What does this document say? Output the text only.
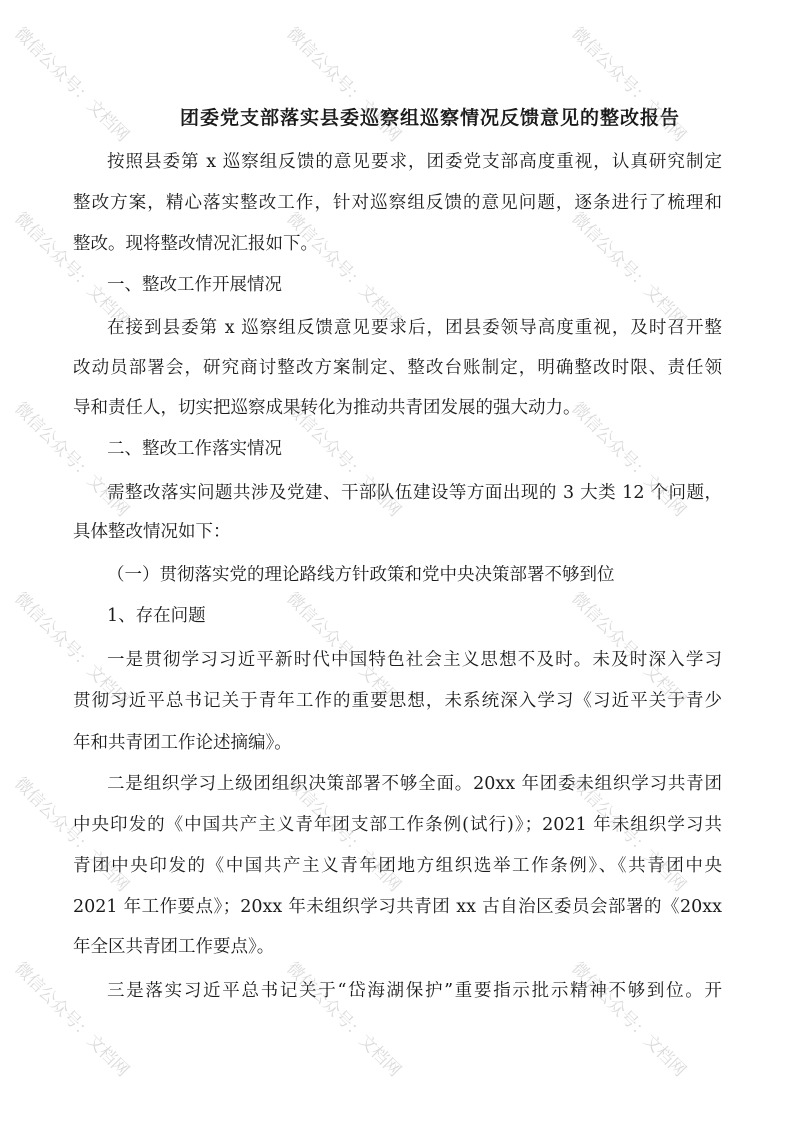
团委党支部落实县委巡察组巡察情况反馈意见的整改报告
按照县委第 x 巡察组反馈的意见要求，团委党支部高度重视，认真研究制定
整改方案，精心落实整改工作，针对巡察组反馈的意见问题，逐条进行了梳理和
整改。现将整改情况汇报如下。
一、整改工作开展情况
在接到县委第 x 巡察组反馈意见要求后，团县委领导高度重视，及时召开整
改动员部署会，研究商讨整改方案制定、整改台账制定，明确整改时限、责任领
导和责任人，切实把巡察成果转化为推动共青团发展的强大动力。
二、整改工作落实情况
需整改落实问题共涉及党建、干部队伍建设等方面出现的 3 大类 12 个问题，
具体整改情况如下：
（一）贯彻落实党的理论路线方针政策和党中央决策部署不够到位
1、存在问题
一是贯彻学习习近平新时代中国特色社会主义思想不及时。未及时深入学习
贯彻习近平总书记关于青年工作的重要思想，未系统深入学习《习近平关于青少
年和共青团工作论述摘编》。
二是组织学习上级团组织决策部署不够全面。20xx 年团委未组织学习共青团
中央印发的《中国共产主义青年团支部工作条例(试行)》；2021 年未组织学习共
青团中央印发的《中国共产主义青年团地方组织选举工作条例》、《共青团中央
2021 年工作要点》；20xx 年未组织学习共青团 xx 古自治区委员会部署的《20xx
年全区共青团工作要点》。
三是落实习近平总书记关于“岱海湖保护”重要指示批示精神不够到位。开
微信公众号：文档网	微信公众号：文档网	微信公众号：文档网
微信公众号：文档网	微信公众号：文档网	微信公众号：文档网
微信公众号：文档网	微信公众号：文档网	微信公众号：文档网
微信公众号：文档网	微信公众号：文档网	微信公众号：文档网
微信公众号：文档网	微信公众号：文档网	微信公众号：文档网
微信公众号：文档网	微信公众号：文档网	微信公众号：文档网
